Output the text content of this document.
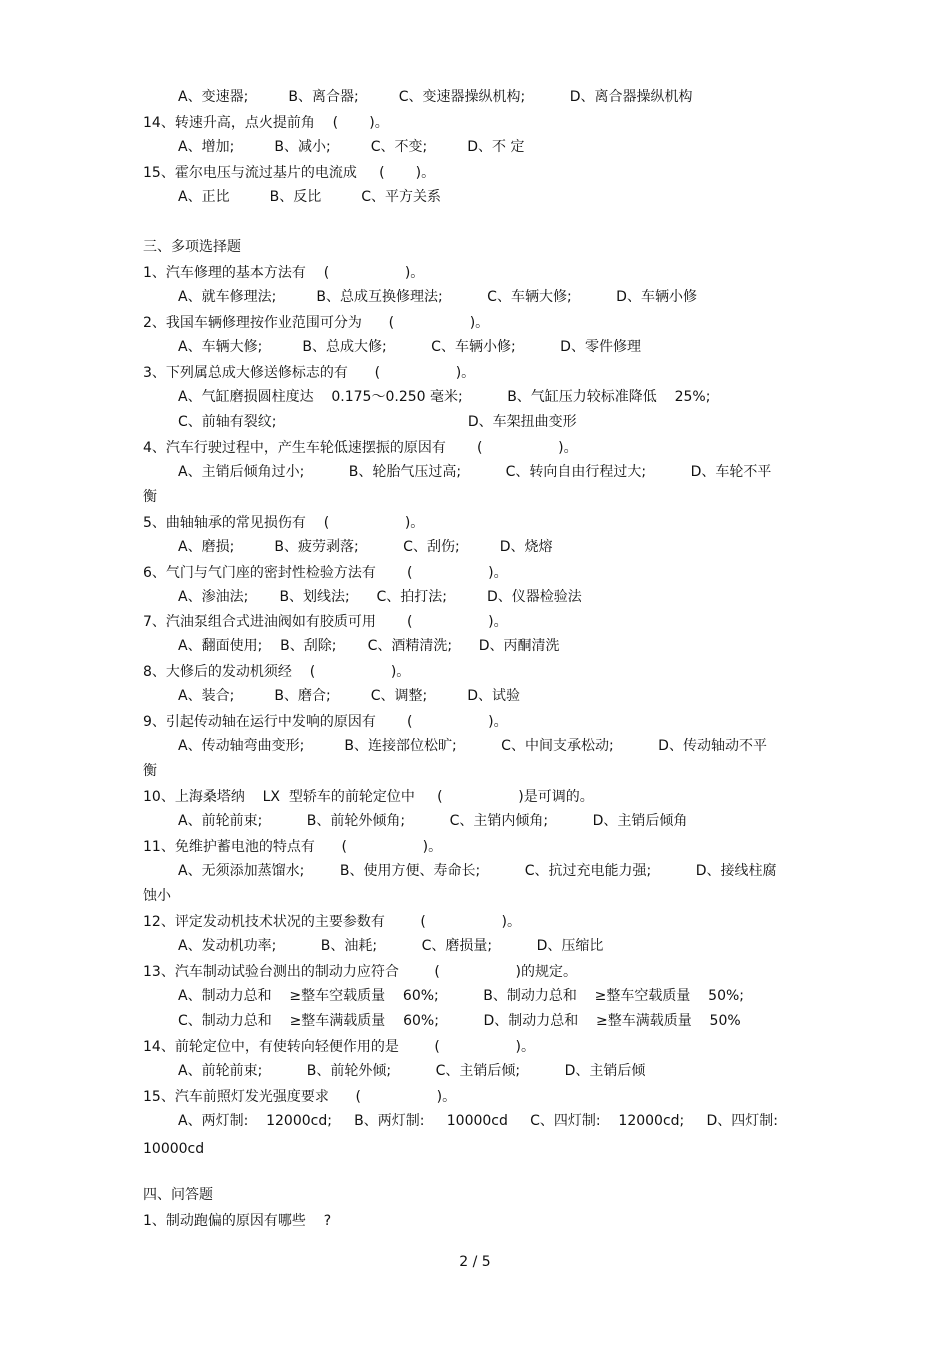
A、变速器;         B、离合器;         C、变速器操纵机构;          D、离合器操纵机构
14、转速升高，点火提前角    (       )。
A、增加;         B、减小;         C、不变;         D、不 定
15、霍尔电压与流过基片的电流成     (       )。
A、正比         B、反比         C、平方关系
三、多项选择题
1、汽车修理的基本方法有    (                 )。
A、就车修理法;         B、总成互换修理法;          C、车辆大修;          D、车辆小修
2、我国车辆修理按作业范围可分为      (                 )。
A、车辆大修;         B、总成大修;          C、车辆小修;          D、零件修理
3、下列属总成大修送修标志的有      (                 )。
A、气缸磨损圆柱度达    0.175～0.250 毫米;          B、气缸压力较标准降低    25%;
C、前轴有裂纹;                                           D、车架扭曲变形
4、汽车行驶过程中，产生车轮低速摆振的原因有       (                 )。
A、主销后倾角过小;          B、轮胎气压过高;          C、转向自由行程过大;          D、车轮不平
衡
5、曲轴轴承的常见损伤有    (                 )。
A、磨损;         B、疲劳剥落;          C、刮伤;         D、烧熔
6、气门与气门座的密封性检验方法有       (                 )。
A、渗油法;       B、划线法;      C、拍打法;         D、仪器检验法
7、汽油泵组合式进油阀如有胶质可用       (                 )。
A、翻面使用;    B、刮除;       C、酒精清洗;      D、丙酮清洗
8、大修后的发动机须经    (                 )。
A、装合;         B、磨合;         C、调整;         D、试验
9、引起传动轴在运行中发响的原因有       (                 )。
A、传动轴弯曲变形;         B、连接部位松旷;          C、中间支承松动;          D、传动轴动不平
衡
10、上海桑塔纳    LX  型轿车的前轮定位中     (                 )是可调的。
A、前轮前束;          B、前轮外倾角;          C、主销内倾角;          D、主销后倾角
11、免维护蓄电池的特点有      (                 )。
A、无须添加蒸馏水;        B、使用方便、寿命长;          C、抗过充电能力强;          D、接线柱腐
蚀小
12、评定发动机技术状况的主要参数有        (                 )。
A、发动机功率;          B、油耗;          C、磨损量;          D、压缩比
13、汽车制动试验台测出的制动力应符合        (                 )的规定。
A、制动力总和    ≥整车空载质量    60%;          B、制动力总和    ≥整车空载质量    50%;
C、制动力总和    ≥整车满载质量    60%;          D、制动力总和    ≥整车满载质量    50%
14、前轮定位中，有使转向轻便作用的是        (                 )。
A、前轮前束;          B、前轮外倾;          C、主销后倾;          D、主销后倾
15、汽车前照灯发光强度要求      (                 )。
A、两灯制:    12000cd;     B、两灯制:     10000cd     C、四灯制:    12000cd;     D、四灯制:
10000cd
四、问答题
1、制动跑偏的原因有哪些    ?
2 / 5
